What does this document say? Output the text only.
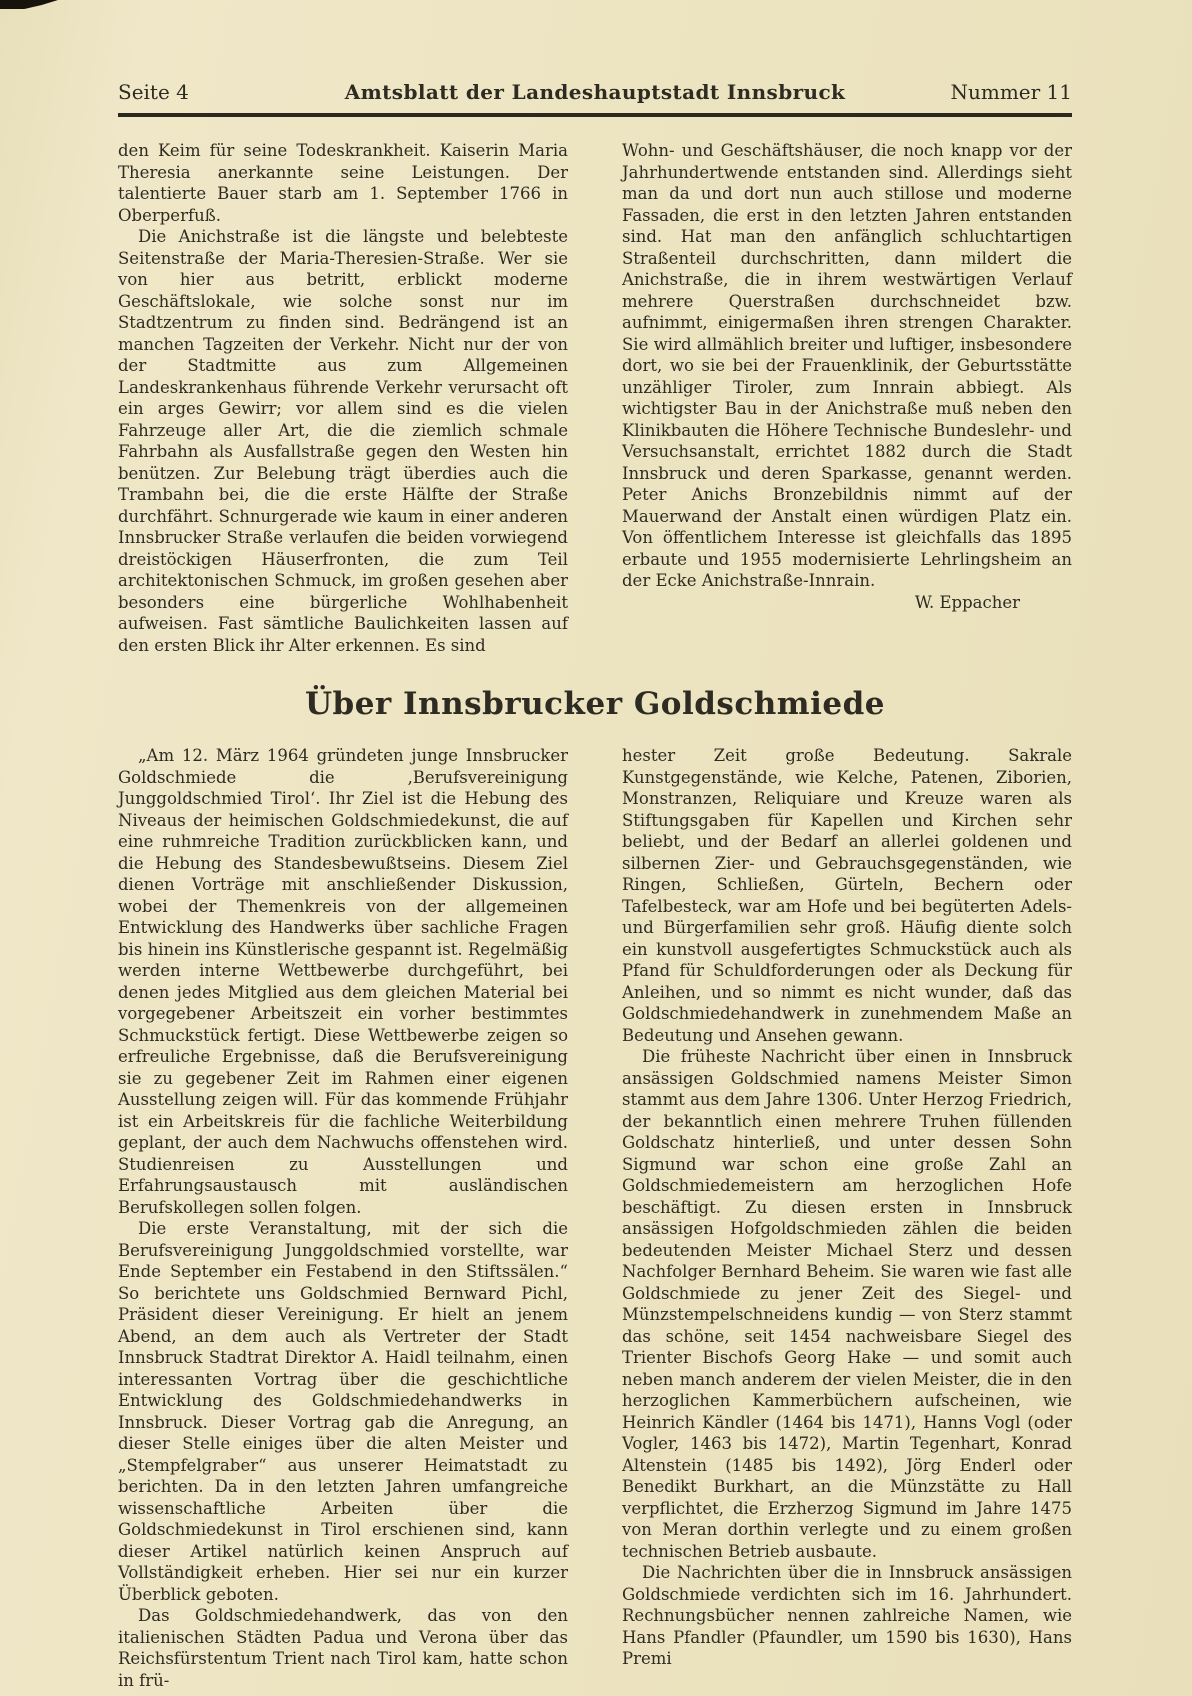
Seite 4	Amtsblatt der Landeshauptstadt Innsbruck	Nummer 11

den Keim für seine Todeskrankheit. Kaiserin Maria Theresia anerkannte seine Leistungen. Der talentierte Bauer starb am 1. September 1766 in Oberperfuß.

Die Anichstraße ist die längste und belebteste Seitenstraße der Maria-Theresien-Straße. Wer sie von hier aus betritt, erblickt moderne Geschäftslokale, wie solche sonst nur im Stadtzentrum zu finden sind. Bedrängend ist an manchen Tagzeiten der Verkehr. Nicht nur der von der Stadtmitte aus zum Allgemeinen Landeskrankenhaus führende Verkehr verursacht oft ein arges Gewirr; vor allem sind es die vielen Fahrzeuge aller Art, die die ziemlich schmale Fahrbahn als Ausfallstraße gegen den Westen hin benützen. Zur Belebung trägt überdies auch die Trambahn bei, die die erste Hälfte der Straße durchfährt. Schnurgerade wie kaum in einer anderen Innsbrucker Straße verlaufen die beiden vorwiegend dreistöckigen Häuserfronten, die zum Teil architektonischen Schmuck, im großen gesehen aber besonders eine bürgerliche Wohlhabenheit aufweisen. Fast sämtliche Baulichkeiten lassen auf den ersten Blick ihr Alter erkennen. Es sind

Wohn- und Geschäftshäuser, die noch knapp vor der Jahrhundertwende entstanden sind. Allerdings sieht man da und dort nun auch stillose und moderne Fassaden, die erst in den letzten Jahren entstanden sind. Hat man den anfänglich schluchtartigen Straßenteil durchschritten, dann mildert die Anichstraße, die in ihrem westwärtigen Verlauf mehrere Querstraßen durchschneidet bzw. aufnimmt, einigermaßen ihren strengen Charakter. Sie wird allmählich breiter und luftiger, insbesondere dort, wo sie bei der Frauenklinik, der Geburtsstätte unzähliger Tiroler, zum Innrain abbiegt. Als wichtigster Bau in der Anichstraße muß neben den Klinikbauten die Höhere Technische Bundeslehr- und Versuchsanstalt, errichtet 1882 durch die Stadt Innsbruck und deren Sparkasse, genannt werden. Peter Anichs Bronzebildnis nimmt auf der Mauerwand der Anstalt einen würdigen Platz ein. Von öffentlichem Interesse ist gleichfalls das 1895 erbaute und 1955 modernisierte Lehrlingsheim an der Ecke Anichstraße-Innrain.

W. Eppacher

Über Innsbrucker Goldschmiede

„Am 12. März 1964 gründeten junge Innsbrucker Goldschmiede die ‚Berufsvereinigung Junggoldschmied Tirol‘. Ihr Ziel ist die Hebung des Niveaus der heimischen Goldschmiedekunst, die auf eine ruhmreiche Tradition zurückblicken kann, und die Hebung des Standesbewußtseins. Diesem Ziel dienen Vorträge mit anschließender Diskussion, wobei der Themenkreis von der allgemeinen Entwicklung des Handwerks über sachliche Fragen bis hinein ins Künstlerische gespannt ist. Regelmäßig werden interne Wettbewerbe durchgeführt, bei denen jedes Mitglied aus dem gleichen Material bei vorgegebener Arbeitszeit ein vorher bestimmtes Schmuckstück fertigt. Diese Wettbewerbe zeigen so erfreuliche Ergebnisse, daß die Berufsvereinigung sie zu gegebener Zeit im Rahmen einer eigenen Ausstellung zeigen will. Für das kommende Frühjahr ist ein Arbeitskreis für die fachliche Weiterbildung geplant, der auch dem Nachwuchs offenstehen wird. Studienreisen zu Ausstellungen und Erfahrungsaustausch mit ausländischen Berufskollegen sollen folgen.

Die erste Veranstaltung, mit der sich die Berufsvereinigung Junggoldschmied vorstellte, war Ende September ein Festabend in den Stiftssälen.“ So berichtete uns Goldschmied Bernward Pichl, Präsident dieser Vereinigung. Er hielt an jenem Abend, an dem auch als Vertreter der Stadt Innsbruck Stadtrat Direktor A. Haidl teilnahm, einen interessanten Vortrag über die geschichtliche Entwicklung des Goldschmiedehandwerks in Innsbruck. Dieser Vortrag gab die Anregung, an dieser Stelle einiges über die alten Meister und „Stempfelgraber“ aus unserer Heimatstadt zu berichten. Da in den letzten Jahren umfangreiche wissenschaftliche Arbeiten über die Goldschmiedekunst in Tirol erschienen sind, kann dieser Artikel natürlich keinen Anspruch auf Vollständigkeit erheben. Hier sei nur ein kurzer Überblick geboten.

Das Goldschmiedehandwerk, das von den italienischen Städten Padua und Verona über das Reichsfürstentum Trient nach Tirol kam, hatte schon in frü-

hester Zeit große Bedeutung. Sakrale Kunstgegenstände, wie Kelche, Patenen, Ziborien, Monstranzen, Reliquiare und Kreuze waren als Stiftungsgaben für Kapellen und Kirchen sehr beliebt, und der Bedarf an allerlei goldenen und silbernen Zier- und Gebrauchsgegenständen, wie Ringen, Schließen, Gürteln, Bechern oder Tafelbesteck, war am Hofe und bei begüterten Adels- und Bürgerfamilien sehr groß. Häufig diente solch ein kunstvoll ausgefertigtes Schmuckstück auch als Pfand für Schuldforderungen oder als Deckung für Anleihen, und so nimmt es nicht wunder, daß das Goldschmiedehandwerk in zunehmendem Maße an Bedeutung und Ansehen gewann.

Die früheste Nachricht über einen in Innsbruck ansässigen Goldschmied namens Meister Simon stammt aus dem Jahre 1306. Unter Herzog Friedrich, der bekanntlich einen mehrere Truhen füllenden Goldschatz hinterließ, und unter dessen Sohn Sigmund war schon eine große Zahl an Goldschmiedemeistern am herzoglichen Hofe beschäftigt. Zu diesen ersten in Innsbruck ansässigen Hofgoldschmieden zählen die beiden bedeutenden Meister Michael Sterz und dessen Nachfolger Bernhard Beheim. Sie waren wie fast alle Goldschmiede zu jener Zeit des Siegel- und Münzstempelschneidens kundig — von Sterz stammt das schöne, seit 1454 nachweisbare Siegel des Trienter Bischofs Georg Hake — und somit auch neben manch anderem der vielen Meister, die in den herzoglichen Kammerbüchern aufscheinen, wie Heinrich Kändler (1464 bis 1471), Hanns Vogl (oder Vogler, 1463 bis 1472), Martin Tegenhart, Konrad Altenstein (1485 bis 1492), Jörg Enderl oder Benedikt Burkhart, an die Münzstätte zu Hall verpflichtet, die Erzherzog Sigmund im Jahre 1475 von Meran dorthin verlegte und zu einem großen technischen Betrieb ausbaute.

Die Nachrichten über die in Innsbruck ansässigen Goldschmiede verdichten sich im 16. Jahrhundert. Rechnungsbücher nennen zahlreiche Namen, wie Hans Pfandler (Pfaundler, um 1590 bis 1630), Hans Premi
